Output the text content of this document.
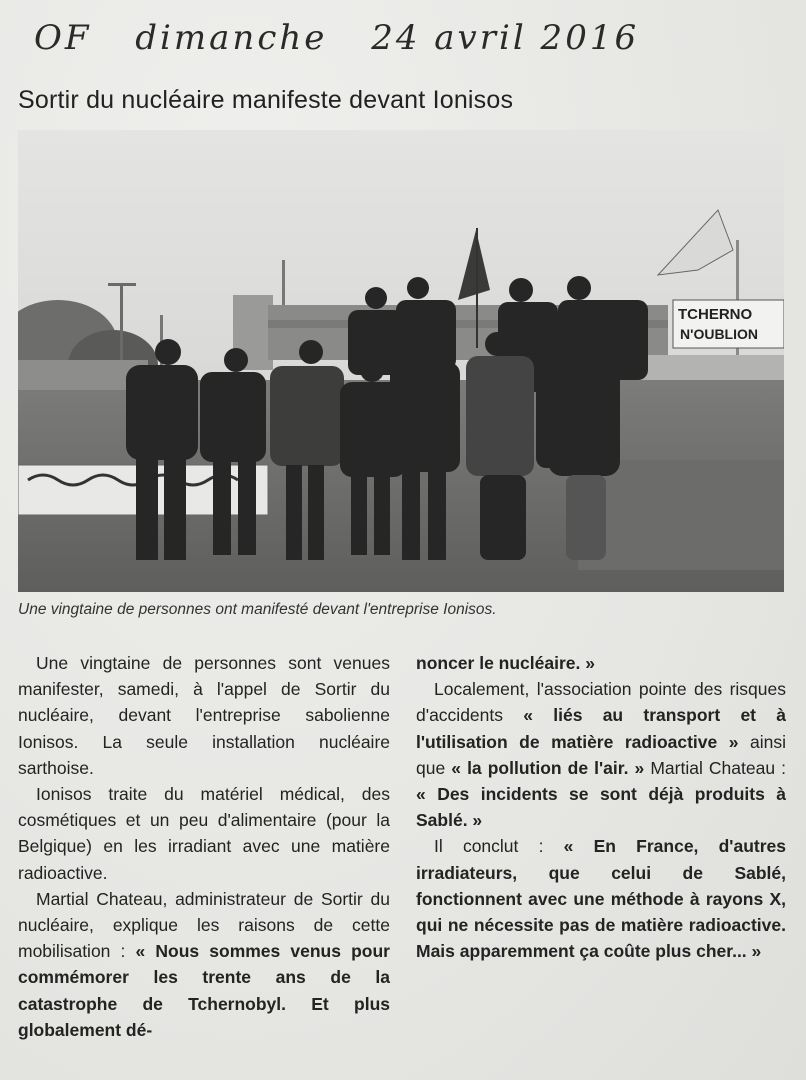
OF dimanche 24 avril 2016
Sortir du nucléaire manifeste devant Ionisos
TCHERNO
N'OUBLION

Une vingtaine de personnes ont manifesté devant l'entreprise Ionisos.

Une vingtaine de personnes sont venues manifester, samedi, à l'appel de Sortir du nucléaire, devant l'entreprise sabolienne Ionisos. La seule installation nucléaire sarthoise.

Ionisos traite du matériel médical, des cosmétiques et un peu d'alimentaire (pour la Belgique) en les irradiant avec une matière radioactive.

Martial Chateau, administrateur de Sortir du nucléaire, explique les raisons de cette mobilisation : « Nous sommes venus pour commémorer les trente ans de la catastrophe de Tchernobyl. Et plus globalement dé-

noncer le nucléaire. »

Localement, l'association pointe des risques d'accidents « liés au transport et à l'utilisation de matière radioactive » ainsi que « la pollution de l'air. » Martial Chateau : « Des incidents se sont déjà produits à Sablé. »

Il conclut : « En France, d'autres irradiateurs, que celui de Sablé, fonctionnent avec une méthode à rayons X, qui ne nécessite pas de matière radioactive. Mais apparemment ça coûte plus cher... »
